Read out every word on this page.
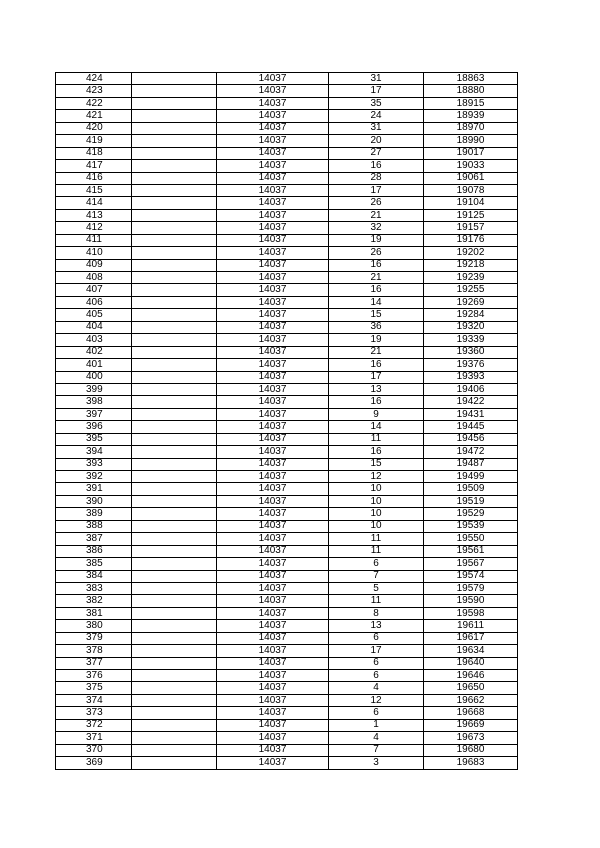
424		14037	31	18863
423		14037	17	18880
422		14037	35	18915
421		14037	24	18939
420		14037	31	18970
419		14037	20	18990
418		14037	27	19017
417		14037	16	19033
416		14037	28	19061
415		14037	17	19078
414		14037	26	19104
413		14037	21	19125
412		14037	32	19157
411		14037	19	19176
410		14037	26	19202
409		14037	16	19218
408		14037	21	19239
407		14037	16	19255
406		14037	14	19269
405		14037	15	19284
404		14037	36	19320
403		14037	19	19339
402		14037	21	19360
401		14037	16	19376
400		14037	17	19393
399		14037	13	19406
398		14037	16	19422
397		14037	9	19431
396		14037	14	19445
395		14037	11	19456
394		14037	16	19472
393		14037	15	19487
392		14037	12	19499
391		14037	10	19509
390		14037	10	19519
389		14037	10	19529
388		14037	10	19539
387		14037	11	19550
386		14037	11	19561
385		14037	6	19567
384		14037	7	19574
383		14037	5	19579
382		14037	11	19590
381		14037	8	19598
380		14037	13	19611
379		14037	6	19617
378		14037	17	19634
377		14037	6	19640
376		14037	6	19646
375		14037	4	19650
374		14037	12	19662
373		14037	6	19668
372		14037	1	19669
371		14037	4	19673
370		14037	7	19680
369		14037	3	19683
